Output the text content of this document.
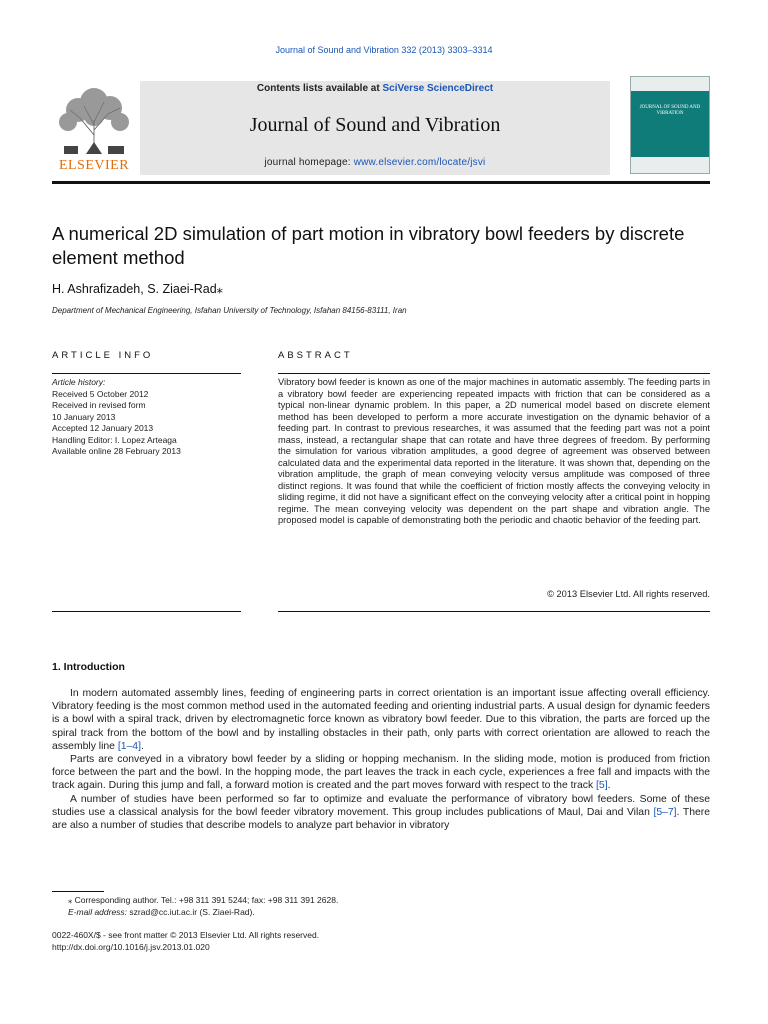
Journal of Sound and Vibration 332 (2013) 3303–3314
ELSEVIER
Contents lists available at SciVerse ScienceDirect
Journal of Sound and Vibration
journal homepage: www.elsevier.com/locate/jsvi
JOURNAL OF SOUND AND VIBRATION
A numerical 2D simulation of part motion in vibratory bowl feeders by discrete element method
H. Ashrafizadeh, S. Ziaei-Rad⁎
Department of Mechanical Engineering, Isfahan University of Technology, Isfahan 84156-83111, Iran
ARTICLE INFO
Article history:
Received 5 October 2012
Received in revised form
10 January 2013
Accepted 12 January 2013
Handling Editor: I. Lopez Arteaga
Available online 28 February 2013
ABSTRACT
Vibratory bowl feeder is known as one of the major machines in automatic assembly. The feeding parts in a vibratory bowl feeder are experiencing repeated impacts with friction that can be considered as a typical non-linear dynamic problem. In this paper, a 2D numerical model based on discrete element method has been developed to perform a more accurate investigation on the dynamic behavior of a feeding part. In contrast to previous researches, it was assumed that the feeding part was not a point mass, instead, a rectangular shape that can rotate and have three degrees of freedom. By performing the simulation for various vibration amplitudes, a good degree of agreement was observed between calculated data and the experimental data reported in the literature. It was shown that, depending on the vibration amplitude, the graph of mean conveying velocity versus amplitude was composed of three distinct regions. It was found that while the coefficient of friction mostly affects the conveying velocity in sliding regime, it did not have a significant effect on the conveying velocity after a critical point in hopping regime. The mean conveying velocity was dependent on the part shape and vibration angle. The proposed model is capable of demonstrating both the periodic and chaotic behavior of the feeding part.
© 2013 Elsevier Ltd. All rights reserved.
1. Introduction

In modern automated assembly lines, feeding of engineering parts in correct orientation is an important issue affecting overall efficiency. Vibratory feeding is the most common method used in the automated feeding and orienting industrial parts. A usual design for dynamic feeders is a bowl with a spiral track, driven by electromagnetic force known as vibratory bowl feeder. Due to this vibration, the parts are forced up the spiral track from the bottom of the bowl and by installing obstacles in their path, only parts with correct orientation are allowed to reach the assembly line [1–4].

Parts are conveyed in a vibratory bowl feeder by a sliding or hopping mechanism. In the sliding mode, motion is produced from friction force between the part and the bowl. In the hopping mode, the part leaves the track in each cycle, experiences a free fall and impacts with the track again. During this jump and fall, a forward motion is created and the part moves forward with respect to the track [5].

A number of studies have been performed so far to optimize and evaluate the performance of vibratory bowl feeders. Some of these studies use a classical analysis for the bowl feeder vibratory movement. This group includes publications of Maul, Dai and Vilan [5–7]. There are also a number of studies that describe models to analyze part behavior in vibratory

⁎ Corresponding author. Tel.: +98 311 391 5244; fax: +98 311 391 2628.
E-mail address: szrad@cc.iut.ac.ir (S. Ziaei-Rad).
0022-460X/$ - see front matter © 2013 Elsevier Ltd. All rights reserved.
http://dx.doi.org/10.1016/j.jsv.2013.01.020
